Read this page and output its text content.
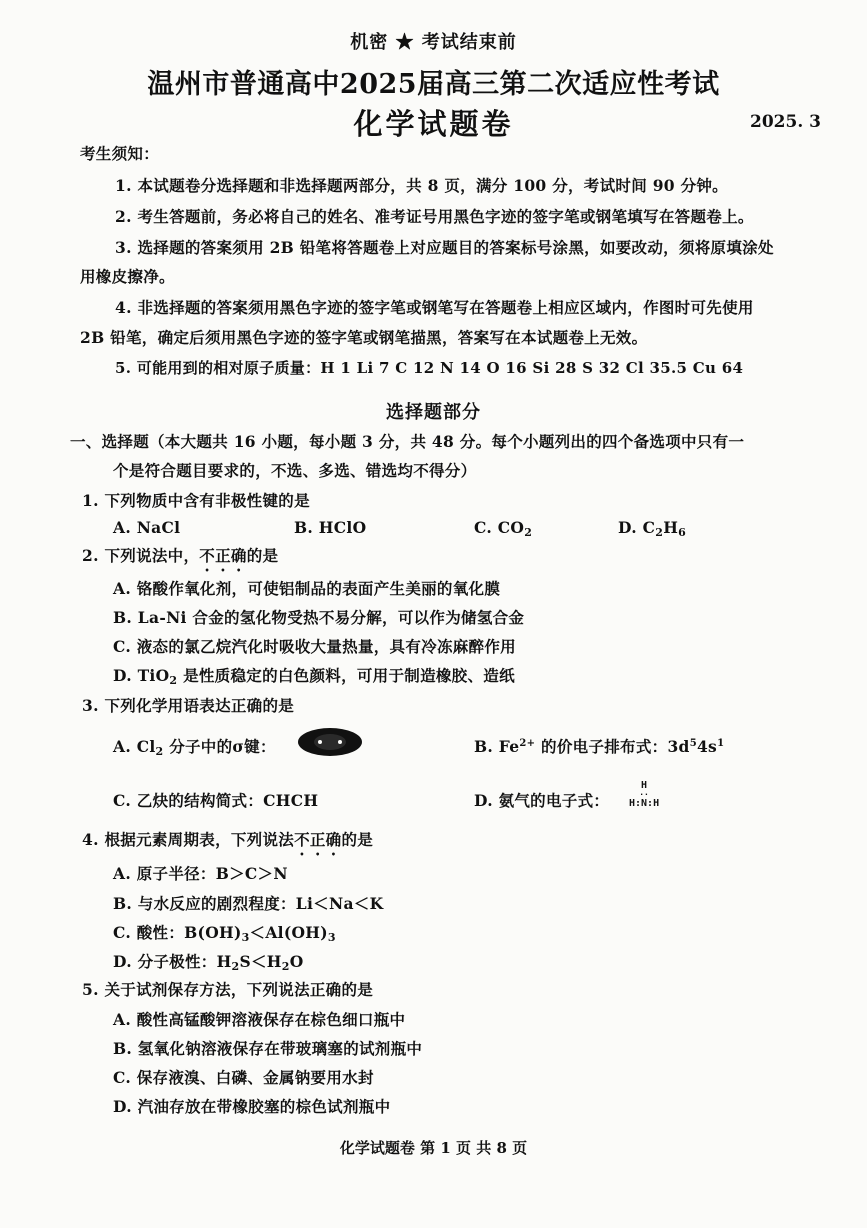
机密 ★ 考试结束前
温州市普通高中2025届高三第二次适应性考试
化学试题卷	2025. 3
考生须知：
1. 本试题卷分选择题和非选择题两部分，共 8 页，满分 100 分，考试时间 90 分钟。
2. 考生答题前，务必将自己的姓名、准考证号用黑色字迹的签字笔或钢笔填写在答题卷上。
3. 选择题的答案须用 2B 铅笔将答题卷上对应题目的答案标号涂黑，如要改动，须将原填涂处
用橡皮擦净。
4. 非选择题的答案须用黑色字迹的签字笔或钢笔写在答题卷上相应区域内，作图时可先使用
2B 铅笔，确定后须用黑色字迹的签字笔或钢笔描黑，答案写在本试题卷上无效。
5. 可能用到的相对原子质量：H 1 Li 7 C 12 N 14 O 16 Si 28 S 32 Cl 35.5 Cu 64
选择题部分
一、选择题（本大题共 16 小题，每小题 3 分，共 48 分。每个小题列出的四个备选项中只有一
个是符合题目要求的，不选、多选、错选均不得分）
1. 下列物质中含有非极性键的是
A. NaCl	B. HClO	C. $CO_2$	D. $C_2H_6$
2. 下列说法中，不正确的是
A. 铬酸作氧化剂，可使铝制品的表面产生美丽的氧化膜
B. La-Ni 合金的氢化物受热不易分解，可以作为储氢合金
C. 液态的氯乙烷汽化时吸收大量热量，具有冷冻麻醉作用
D. TiO$_2$ 是性质稳定的白色颜料，可用于制造橡胶、造纸
3. 下列化学用语表达正确的是
A. $Cl_2$ 分子中的σ键：	B. $Fe^{2+}$ 的价电子排布式：$3d^54s^1$
C. 乙炔的结构简式：CHCH	D. 氨气的电子式：
H
··
H:N:H
4. 根据元素周期表，下列说法不正确的是
A. 原子半径：B＞C＞N
B. 与水反应的剧烈程度：Li＜Na＜K
C. 酸性：$B(OH)_3<Al(OH)_3$
D. 分子极性：$H_2S<H_2O$
5. 关于试剂保存方法，下列说法正确的是
A. 酸性高锰酸钾溶液保存在棕色细口瓶中
B. 氢氧化钠溶液保存在带玻璃塞的试剂瓶中
C. 保存液溴、白磷、金属钠要用水封
D. 汽油存放在带橡胶塞的棕色试剂瓶中
化学试题卷 第 1 页 共 8 页
